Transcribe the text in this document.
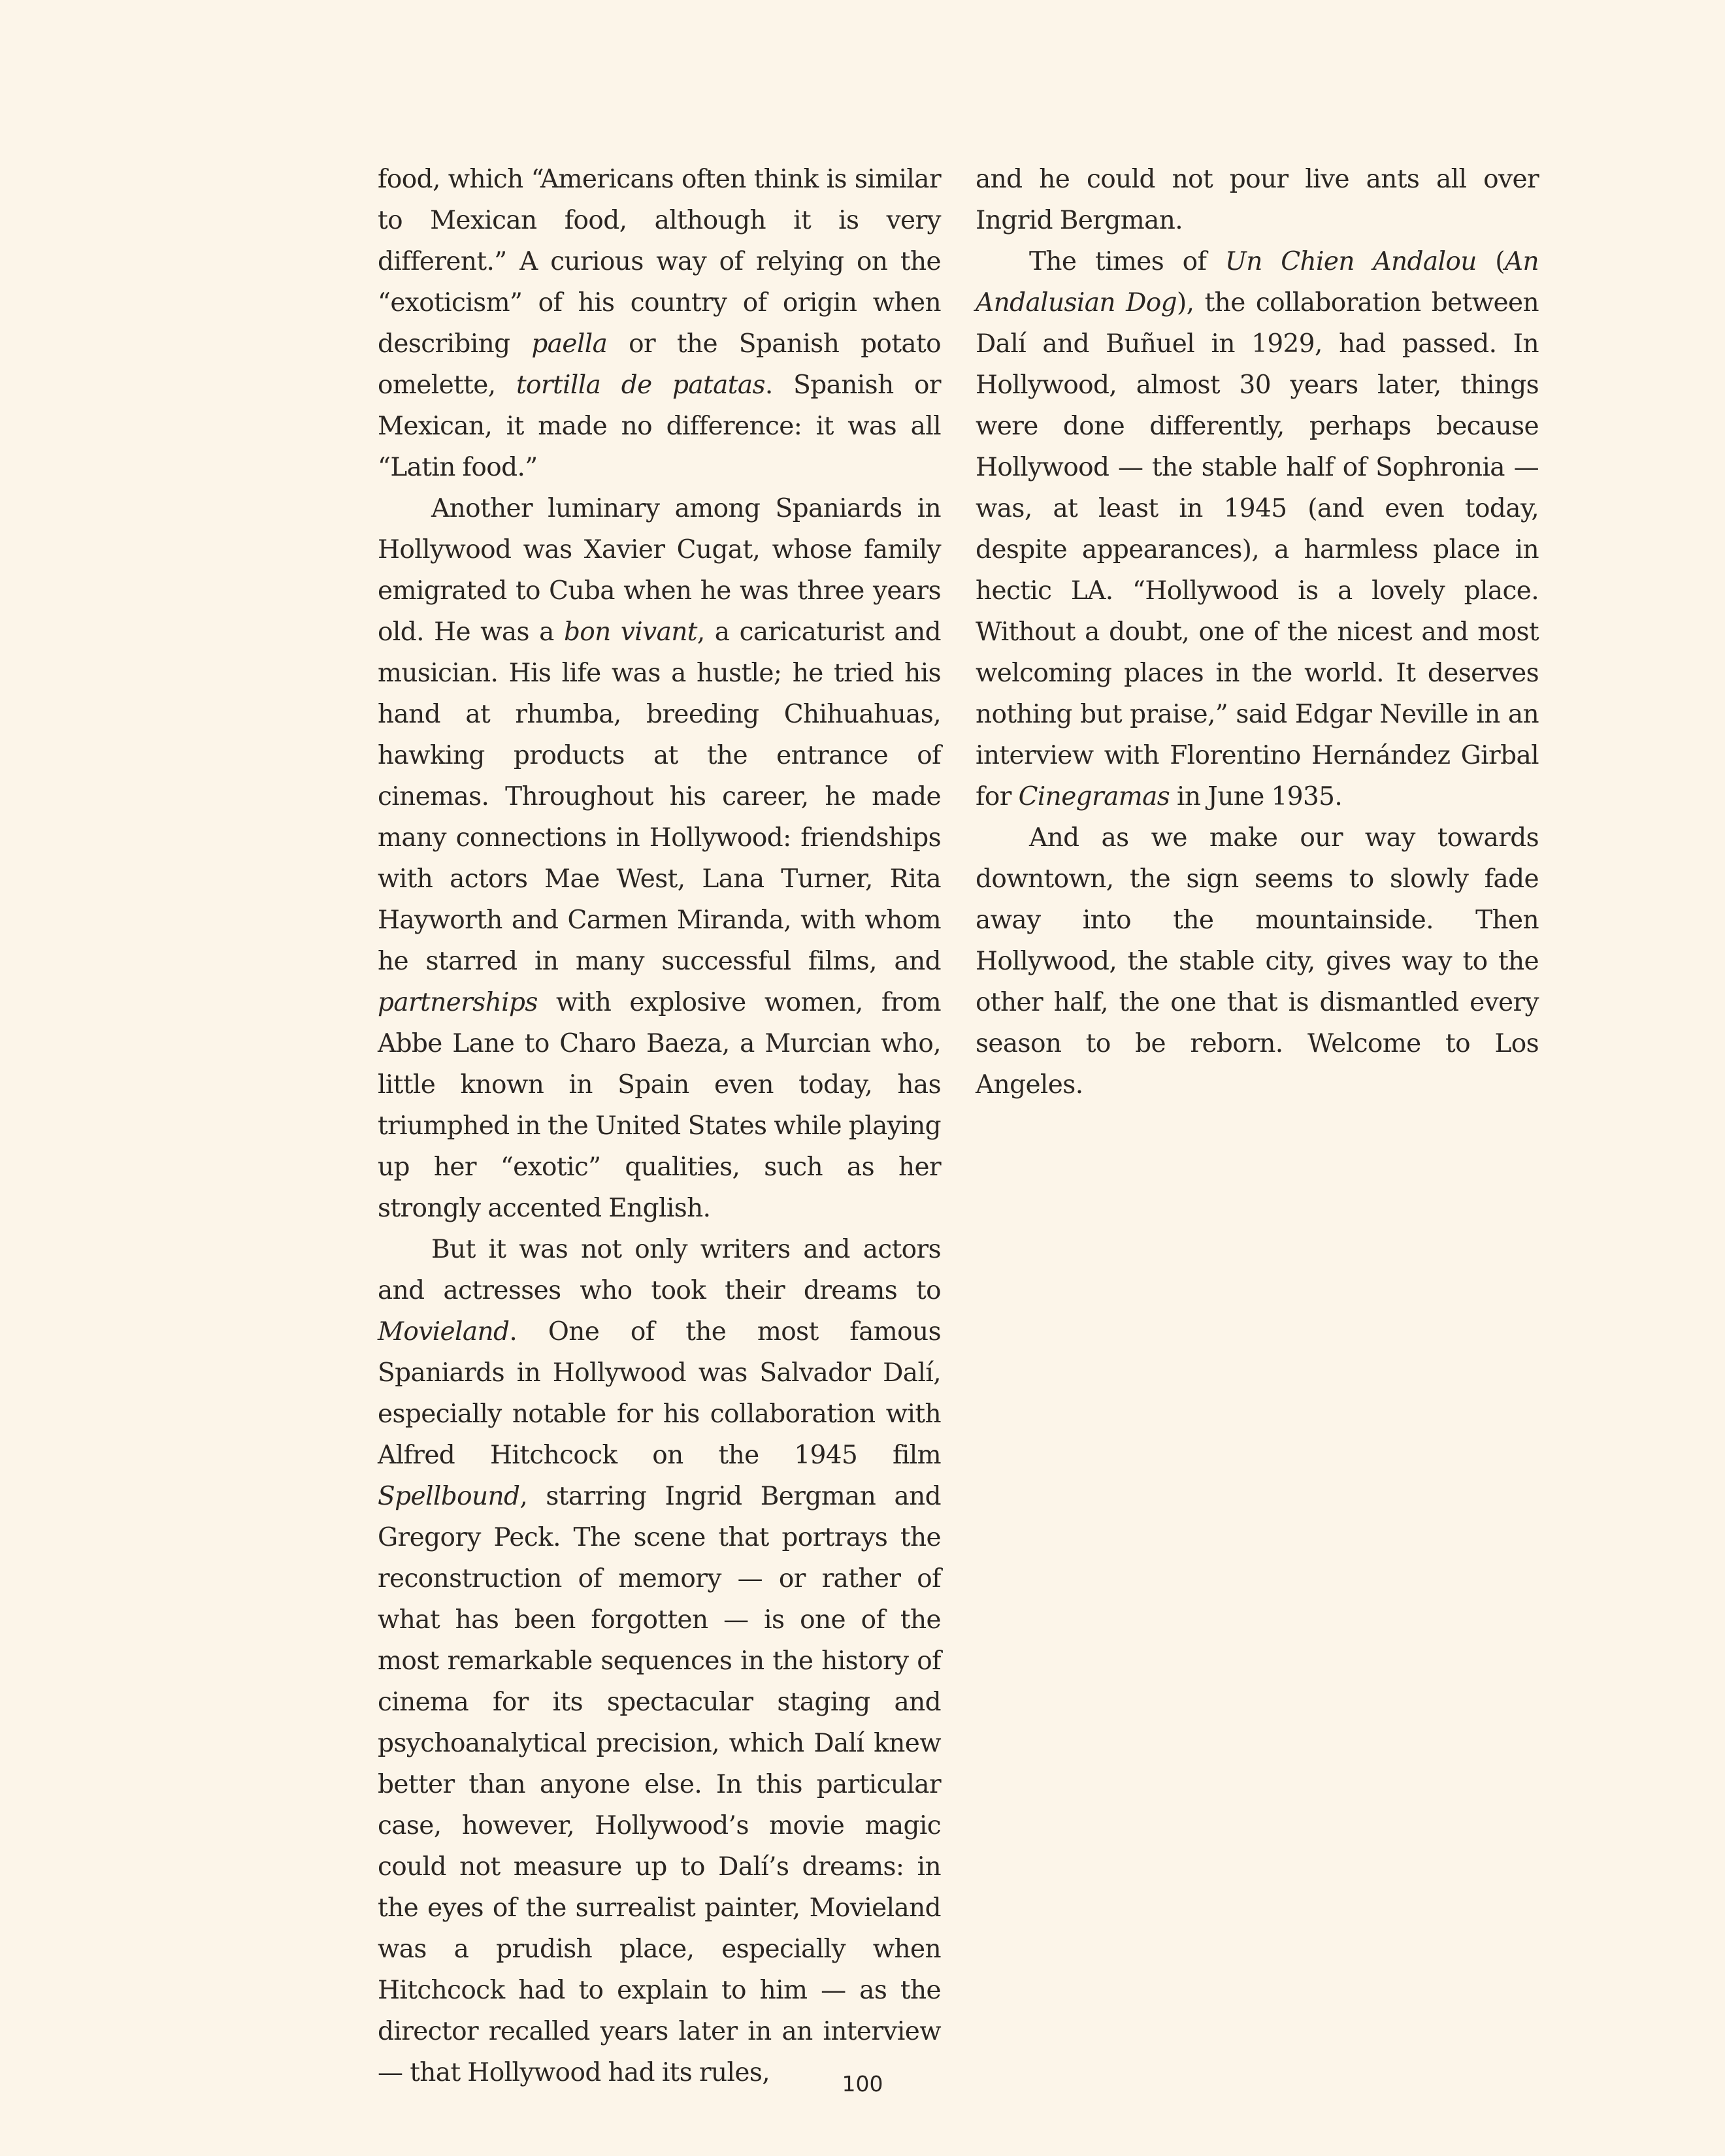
food, which “Americans often think is similar to Mexican food, although it is very different.” A curious way of relying on the “exoticism” of his country of origin when describing paella or the Spanish potato omelette, tortilla de patatas. Spanish or Mexican, it made no difference: it was all “Latin food.”

Another luminary among Spaniards in Hollywood was Xavier Cugat, whose family emigrated to Cuba when he was three years old. He was a bon vivant, a caricaturist and musician. His life was a hustle; he tried his hand at rhumba, breeding Chihuahuas, hawking products at the entrance of cinemas. Throughout his career, he made many connections in Hollywood: friendships with actors Mae West, Lana Turner, Rita Hayworth and Carmen Miranda, with whom he starred in many successful films, and partnerships with explosive women, from Abbe Lane to Charo Baeza, a Murcian who, little known in Spain even today, has triumphed in the United States while playing up her “exotic” qualities, such as her strongly accented English.

But it was not only writers and actors and actresses who took their dreams to Movieland. One of the most famous Spaniards in Hollywood was Salvador Dalí, especially notable for his collaboration with Alfred Hitchcock on the 1945 film Spellbound, starring Ingrid Bergman and Gregory Peck. The scene that portrays the reconstruction of memory — or rather of what has been forgotten — is one of the most remarkable sequences in the history of cinema for its spectacular staging and psychoanalytical precision, which Dalí knew better than anyone else. In this particular case, however, Hollywood’s movie magic could not measure up to Dalí’s dreams: in the eyes of the surrealist painter, Movieland was a prudish place, especially when Hitchcock had to explain to him — as the director recalled years later in an interview — that Hollywood had its rules,

and he could not pour live ants all over Ingrid Bergman.

The times of Un Chien Andalou (An Andalusian Dog), the collaboration between Dalí and Buñuel in 1929, had passed. In Hollywood, almost 30 years later, things were done differently, perhaps because Hollywood — the stable half of Sophronia — was, at least in 1945 (and even today, despite appearances), a harmless place in hectic LA. “Hollywood is a lovely place. Without a doubt, one of the nicest and most welcoming places in the world. It deserves nothing but praise,” said Edgar Neville in an interview with Florentino Hernández Girbal for Cinegramas in June 1935.

And as we make our way towards downtown, the sign seems to slowly fade away into the mountainside. Then Hollywood, the stable city, gives way to the other half, the one that is dismantled every season to be reborn. Welcome to Los Angeles.

100
